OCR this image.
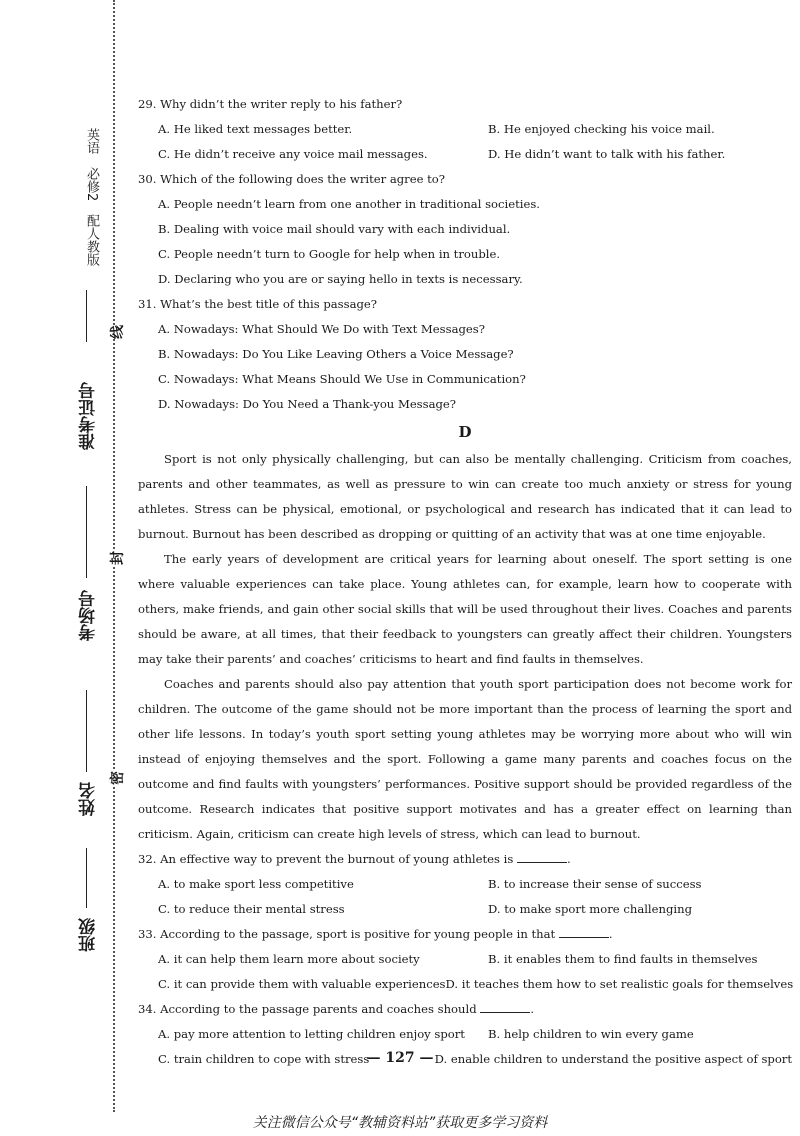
英语　必修2　配人教版
准考证号
考场号
姓名
班级
线
封
密
29. Why didn’t the writer reply to his father?
A. He liked text messages better.	B. He enjoyed checking his voice mail.
C. He didn’t receive any voice mail messages.	D. He didn’t want to talk with his father.
30. Which of the following does the writer agree to?
A. People needn’t learn from one another in traditional societies.
B. Dealing with voice mail should vary with each individual.
C. People needn’t turn to Google for help when in trouble.
D. Declaring who you are or saying hello in texts is necessary.
31. What’s the best title of this passage?
A. Nowadays: What Should We Do with Text Messages?
B. Nowadays: Do You Like Leaving Others a Voice Message?
C. Nowadays: What Means Should We Use in Communication?
D. Nowadays: Do You Need a Thank-you Message?
D

Sport is not only physically challenging, but can also be mentally challenging. Criticism from coaches, parents and other teammates, as well as pressure to win can create too much anxiety or stress for young athletes. Stress can be physical, emotional, or psychological and research has indicated that it can lead to burnout. Burnout has been described as dropping or quitting of an activity that was at one time enjoyable.

The early years of development are critical years for learning about oneself. The sport setting is one where valuable experiences can take place. Young athletes can, for example, learn how to cooperate with others, make friends, and gain other social skills that will be used throughout their lives. Coaches and parents should be aware, at all times, that their feedback to youngsters can greatly affect their children. Youngsters may take their parents’ and coaches’ criticisms to heart and find faults in themselves.

Coaches and parents should also pay attention that youth sport participation does not become work for children. The outcome of the game should not be more important than the process of learning the sport and other life lessons. In today’s youth sport setting young athletes may be worrying more about who will win instead of enjoying themselves and the sport. Following a game many parents and coaches focus on the outcome and find faults with youngsters’ performances. Positive support should be provided regardless of the outcome. Research indicates that positive support motivates and has a greater effect on learning than criticism. Again, criticism can create high levels of stress, which can lead to burnout.

32. An effective way to prevent the burnout of young athletes is	.
A. to make sport less competitive	B. to increase their sense of success
C. to reduce their mental stress	D. to make sport more challenging
33. According to the passage, sport is positive for young people in that	.
A. it can help them learn more about society	B. it enables them to find faults in themselves
C. it can provide them with valuable experiences D. it teaches them how to set realistic goals for themselves
34. According to the passage parents and coaches should	.
A. pay more attention to letting children enjoy sport	B. help children to win every game
C. train children to cope with stress	D. enable children to understand the positive aspect of sport
— 127 —
关注微信公众号“教辅资料站”获取更多学习资料
